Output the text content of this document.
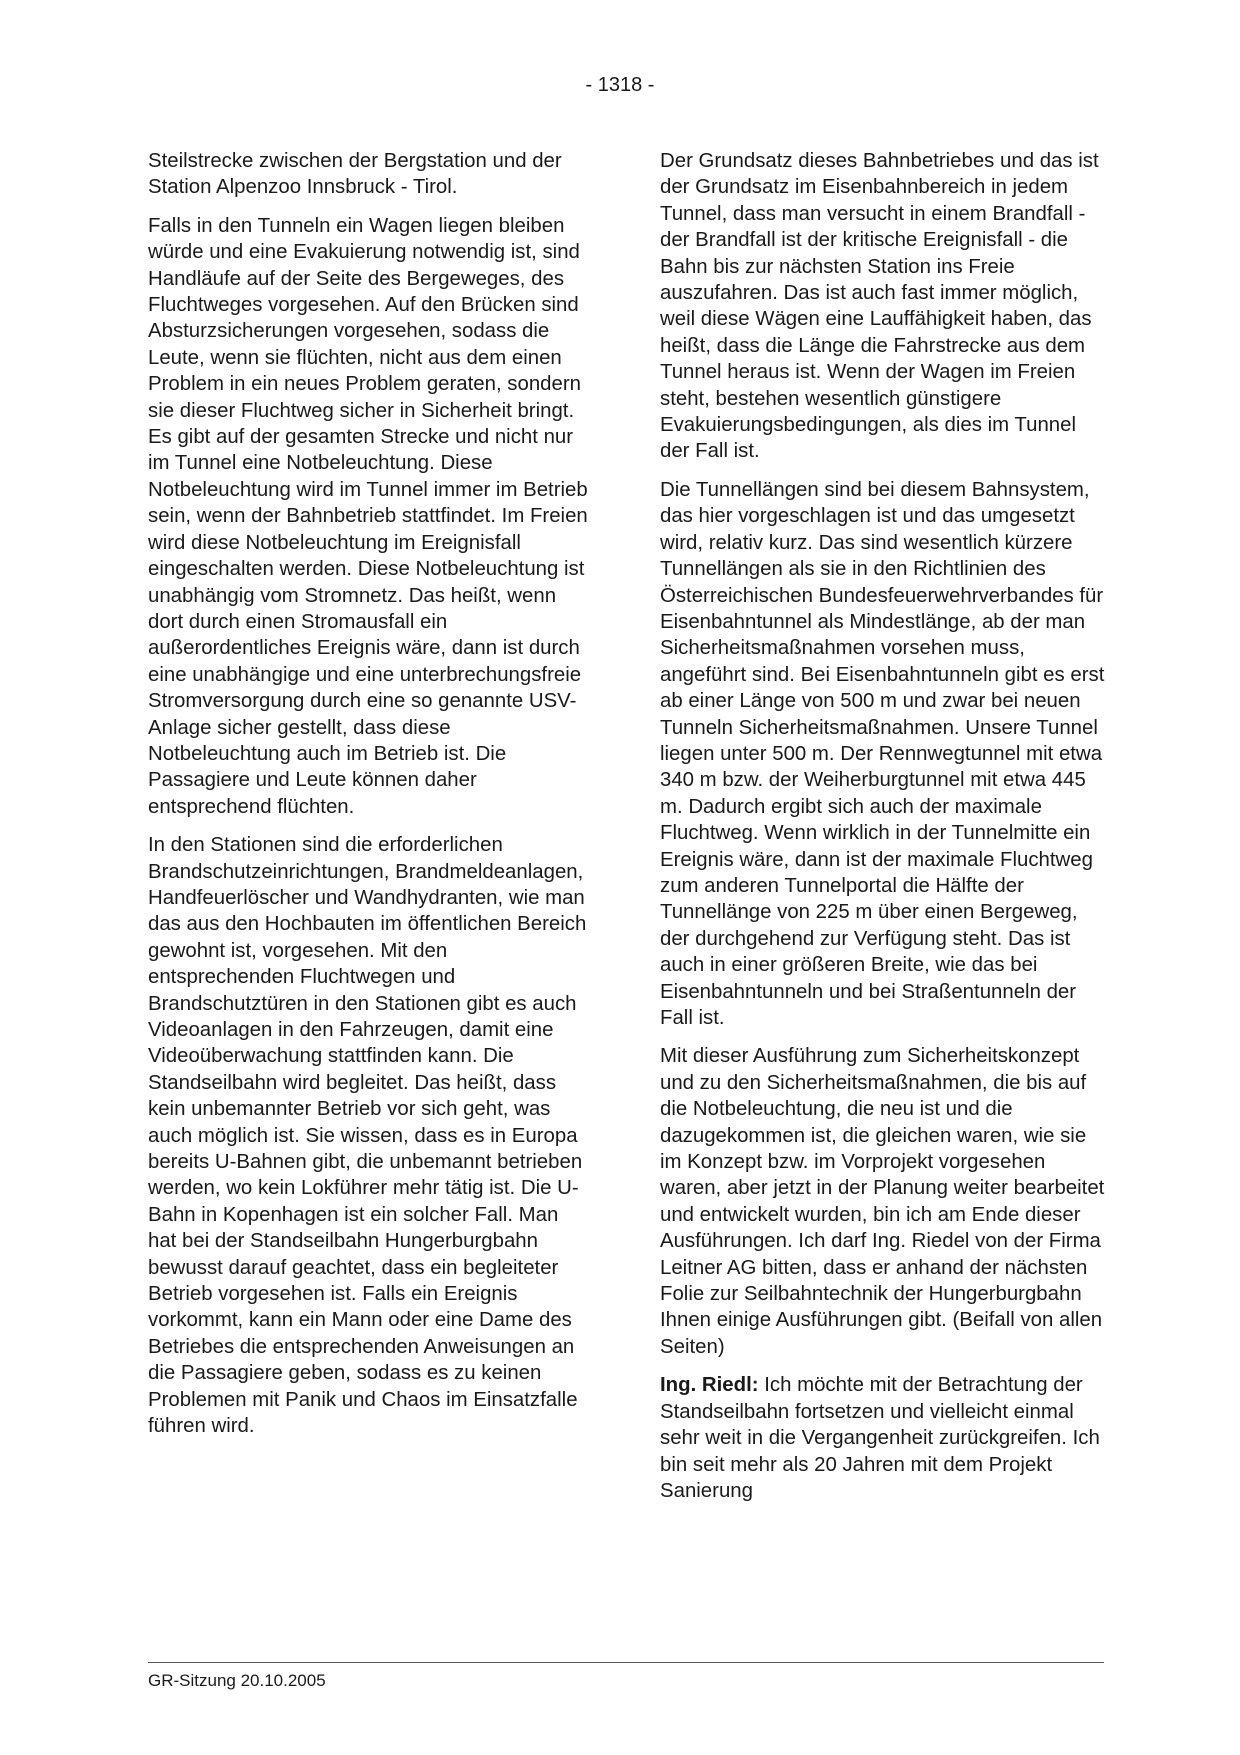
- 1318 -

Steilstrecke zwischen der Bergstation und der Station Alpenzoo Innsbruck - Tirol.

Falls in den Tunneln ein Wagen liegen bleiben würde und eine Evakuierung notwendig ist, sind Handläufe auf der Seite des Bergeweges, des Fluchtweges vorgesehen. Auf den Brücken sind Absturzsicherungen vorgesehen, sodass die Leute, wenn sie flüchten, nicht aus dem einen Problem in ein neues Problem geraten, sondern sie dieser Fluchtweg sicher in Sicherheit bringt. Es gibt auf der gesamten Strecke und nicht nur im Tunnel eine Notbeleuchtung. Diese Notbeleuchtung wird im Tunnel immer im Betrieb sein, wenn der Bahnbetrieb stattfindet. Im Freien wird diese Notbeleuchtung im Ereignisfall eingeschalten werden. Diese Notbeleuchtung ist unabhängig vom Stromnetz. Das heißt, wenn dort durch einen Stromausfall ein außerordentliches Ereignis wäre, dann ist durch eine unabhängige und eine unterbrechungsfreie Stromversorgung durch eine so genannte USV-Anlage sicher gestellt, dass diese Notbeleuchtung auch im Betrieb ist. Die Passagiere und Leute können daher entsprechend flüchten.

In den Stationen sind die erforderlichen Brandschutzeinrichtungen, Brandmeldeanlagen, Handfeuerlöscher und Wandhydranten, wie man das aus den Hochbauten im öffentlichen Bereich gewohnt ist, vorgesehen. Mit den entsprechenden Fluchtwegen und Brandschutztüren in den Stationen gibt es auch Videoanlagen in den Fahrzeugen, damit eine Videoüberwachung stattfinden kann. Die Standseilbahn wird begleitet. Das heißt, dass kein unbemannter Betrieb vor sich geht, was auch möglich ist. Sie wissen, dass es in Europa bereits U-Bahnen gibt, die unbemannt betrieben werden, wo kein Lokführer mehr tätig ist. Die U-Bahn in Kopenhagen ist ein solcher Fall. Man hat bei der Standseilbahn Hungerburgbahn bewusst darauf geachtet, dass ein begleiteter Betrieb vorgesehen ist. Falls ein Ereignis vorkommt, kann ein Mann oder eine Dame des Betriebes die entsprechenden Anweisungen an die Passagiere geben, sodass es zu keinen Problemen mit Panik und Chaos im Einsatzfalle führen wird.

Der Grundsatz dieses Bahnbetriebes und das ist der Grundsatz im Eisenbahnbereich in jedem Tunnel, dass man versucht in einem Brandfall - der Brandfall ist der kritische Ereignisfall - die Bahn bis zur nächsten Station ins Freie auszufahren. Das ist auch fast immer möglich, weil diese Wägen eine Lauffähigkeit haben, das heißt, dass die Länge die Fahrstrecke aus dem Tunnel heraus ist. Wenn der Wagen im Freien steht, bestehen wesentlich günstigere Evakuierungsbedingungen, als dies im Tunnel der Fall ist.

Die Tunnellängen sind bei diesem Bahnsystem, das hier vorgeschlagen ist und das umgesetzt wird, relativ kurz. Das sind wesentlich kürzere Tunnellängen als sie in den Richtlinien des Österreichischen Bundesfeuerwehrverbandes für Eisenbahntunnel als Mindestlänge, ab der man Sicherheitsmaßnahmen vorsehen muss, angeführt sind. Bei Eisenbahntunneln gibt es erst ab einer Länge von 500 m und zwar bei neuen Tunneln Sicherheitsmaßnahmen. Unsere Tunnel liegen unter 500 m. Der Rennwegtunnel mit etwa 340 m bzw. der Weiherburgtunnel mit etwa 445 m. Dadurch ergibt sich auch der maximale Fluchtweg. Wenn wirklich in der Tunnelmitte ein Ereignis wäre, dann ist der maximale Fluchtweg zum anderen Tunnelportal die Hälfte der Tunnellänge von 225 m über einen Bergeweg, der durchgehend zur Verfügung steht. Das ist auch in einer größeren Breite, wie das bei Eisenbahntunneln und bei Straßentunneln der Fall ist.

Mit dieser Ausführung zum Sicherheitskonzept und zu den Sicherheitsmaßnahmen, die bis auf die Notbeleuchtung, die neu ist und die dazugekommen ist, die gleichen waren, wie sie im Konzept bzw. im Vorprojekt vorgesehen waren, aber jetzt in der Planung weiter bearbeitet und entwickelt wurden, bin ich am Ende dieser Ausführungen. Ich darf Ing. Riedel von der Firma Leitner AG bitten, dass er anhand der nächsten Folie zur Seilbahntechnik der Hungerburgbahn Ihnen einige Ausführungen gibt. (Beifall von allen Seiten)

Ing. Riedl: Ich möchte mit der Betrachtung der Standseilbahn fortsetzen und vielleicht einmal sehr weit in die Vergangenheit zurückgreifen. Ich bin seit mehr als 20 Jahren mit dem Projekt Sanierung

GR-Sitzung 20.10.2005
